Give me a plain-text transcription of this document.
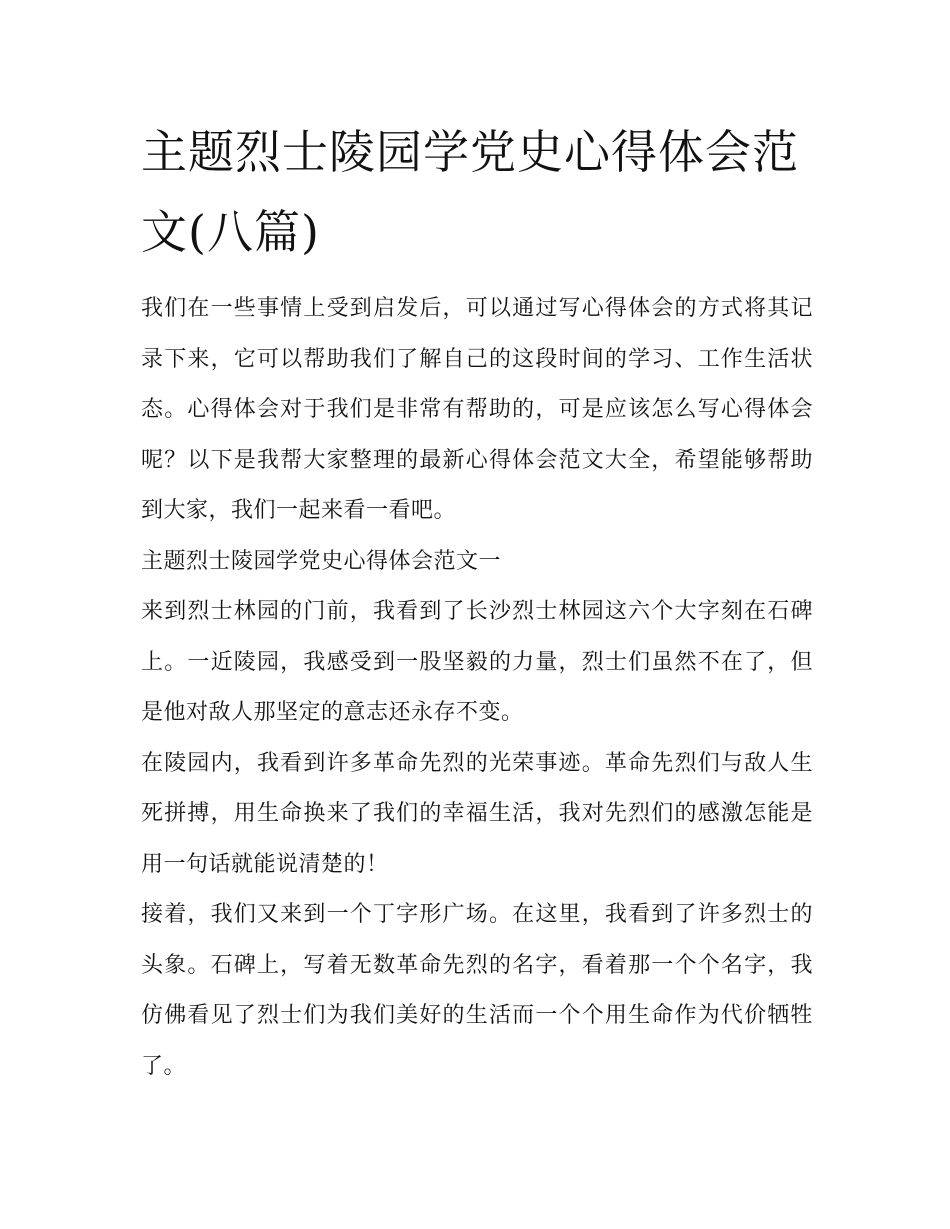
主题烈士陵园学党史心得体会范文(八篇)

我们在一些事情上受到启发后，可以通过写心得体会的方式将其记录下来，它可以帮助我们了解自己的这段时间的学习、工作生活状态。心得体会对于我们是非常有帮助的，可是应该怎么写心得体会呢？以下是我帮大家整理的最新心得体会范文大全，希望能够帮助到大家，我们一起来看一看吧。

主题烈士陵园学党史心得体会范文一

来到烈士林园的门前，我看到了长沙烈士林园这六个大字刻在石碑上。一近陵园，我感受到一股坚毅的力量，烈士们虽然不在了，但是他对敌人那坚定的意志还永存不变。

在陵园内，我看到许多革命先烈的光荣事迹。革命先烈们与敌人生死拼搏，用生命换来了我们的幸福生活，我对先烈们的感激怎能是用一句话就能说清楚的！

接着，我们又来到一个丁字形广场。在这里，我看到了许多烈士的头象。石碑上，写着无数革命先烈的名字，看着那一个个名字，我仿佛看见了烈士们为我们美好的生活而一个个用生命作为代价牺牲了。
